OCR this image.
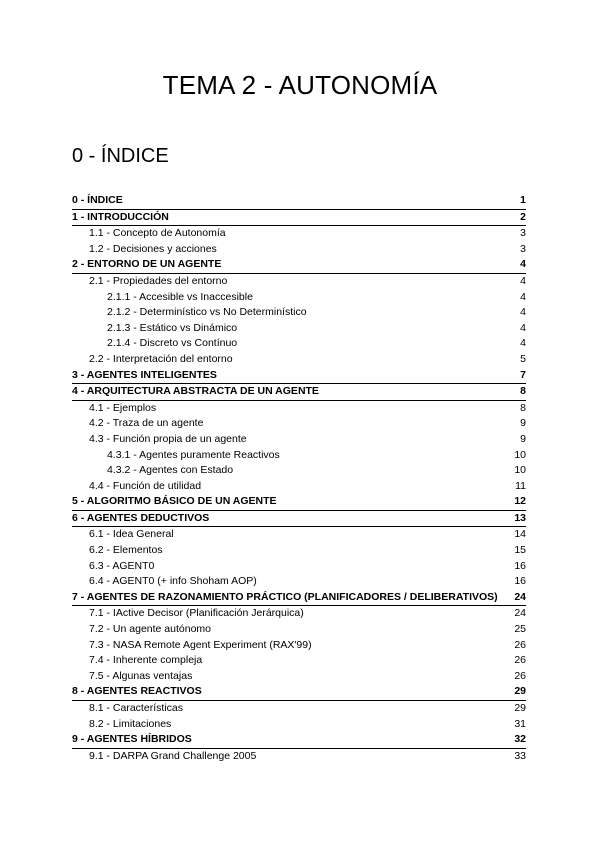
TEMA 2 - AUTONOMÍA
0 - ÍNDICE
0 - ÍNDICE	1
1 - INTRODUCCIÓN	2
1.1 - Concepto de Autonomía	3
1.2 - Decisiones y acciones	3
2 - ENTORNO DE UN AGENTE	4
2.1 - Propiedades del entorno	4
2.1.1 - Accesible vs Inaccesible	4
2.1.2 - Determinístico vs No Determinístico	4
2.1.3 - Estático vs Dinámico	4
2.1.4 - Discreto vs Contínuo	4
2.2 - Interpretación del entorno	5
3 - AGENTES INTELIGENTES	7
4 - ARQUITECTURA ABSTRACTA DE UN AGENTE	8
4.1 - Ejemplos	8
4.2 - Traza de un agente	9
4.3 - Función propia de un agente	9
4.3.1 - Agentes puramente Reactivos	10
4.3.2 - Agentes con Estado	10
4.4 - Función de utilidad	11
5 - ALGORITMO BÁSICO DE UN AGENTE	12
6 - AGENTES DEDUCTIVOS	13
6.1 - Idea General	14
6.2 - Elementos	15
6.3 - AGENT0	16
6.4 - AGENT0 (+ info Shoham AOP)	16
7 - AGENTES DE RAZONAMIENTO PRÁCTICO (PLANIFICADORES / DELIBERATIVOS)	24
7.1 - IActive Decisor (Planificación Jerárquica)	24
7.2 - Un agente autónomo	25
7.3 - NASA Remote Agent Experiment (RAX'99)	26
7.4 - Inherente compleja	26
7.5 - Algunas ventajas	26
8 - AGENTES REACTIVOS	29
8.1 - Características	29
8.2 - Limitaciones	31
9 - AGENTES HÍBRIDOS	32
9.1 - DARPA Grand Challenge 2005	33
